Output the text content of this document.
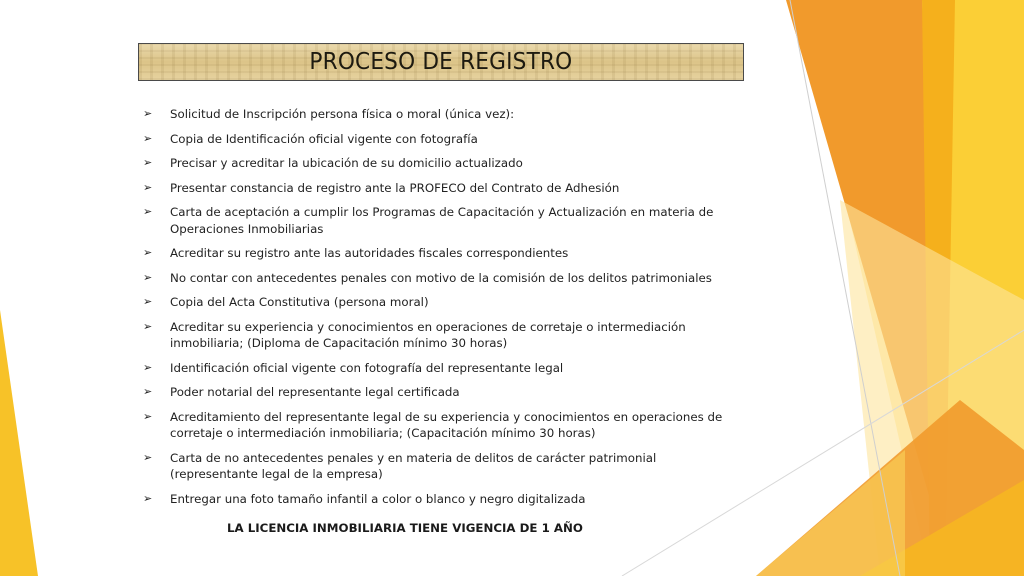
PROCESO DE REGISTRO
➢ Solicitud de Inscripción persona física o moral (única vez):
➢ Copia de Identificación oficial vigente con fotografía
➢ Precisar y acreditar la ubicación de su domicilio actualizado
➢ Presentar constancia de registro ante la PROFECO del Contrato de Adhesión
➢ Carta de aceptación a cumplir los Programas de Capacitación y Actualización en materia de Operaciones Inmobiliarias
➢ Acreditar su registro ante las autoridades fiscales correspondientes
➢ No contar con antecedentes penales con motivo de la comisión de los delitos patrimoniales
➢ Copia del Acta Constitutiva (persona moral)
➢ Acreditar su experiencia y conocimientos en operaciones de corretaje o intermediación inmobiliaria; (Diploma de Capacitación mínimo 30 horas)
➢ Identificación oficial vigente con fotografía del representante legal
➢ Poder notarial del representante legal certificada
➢ Acreditamiento del representante legal de su experiencia y conocimientos en operaciones de corretaje o intermediación inmobiliaria; (Capacitación mínimo 30 horas)
➢ Carta de no antecedentes penales y en materia de delitos de carácter patrimonial (representante legal de la empresa)
➢ Entregar una foto tamaño infantil a color o blanco y negro digitalizada
LA LICENCIA INMOBILIARIA TIENE VIGENCIA DE 1 AÑO
